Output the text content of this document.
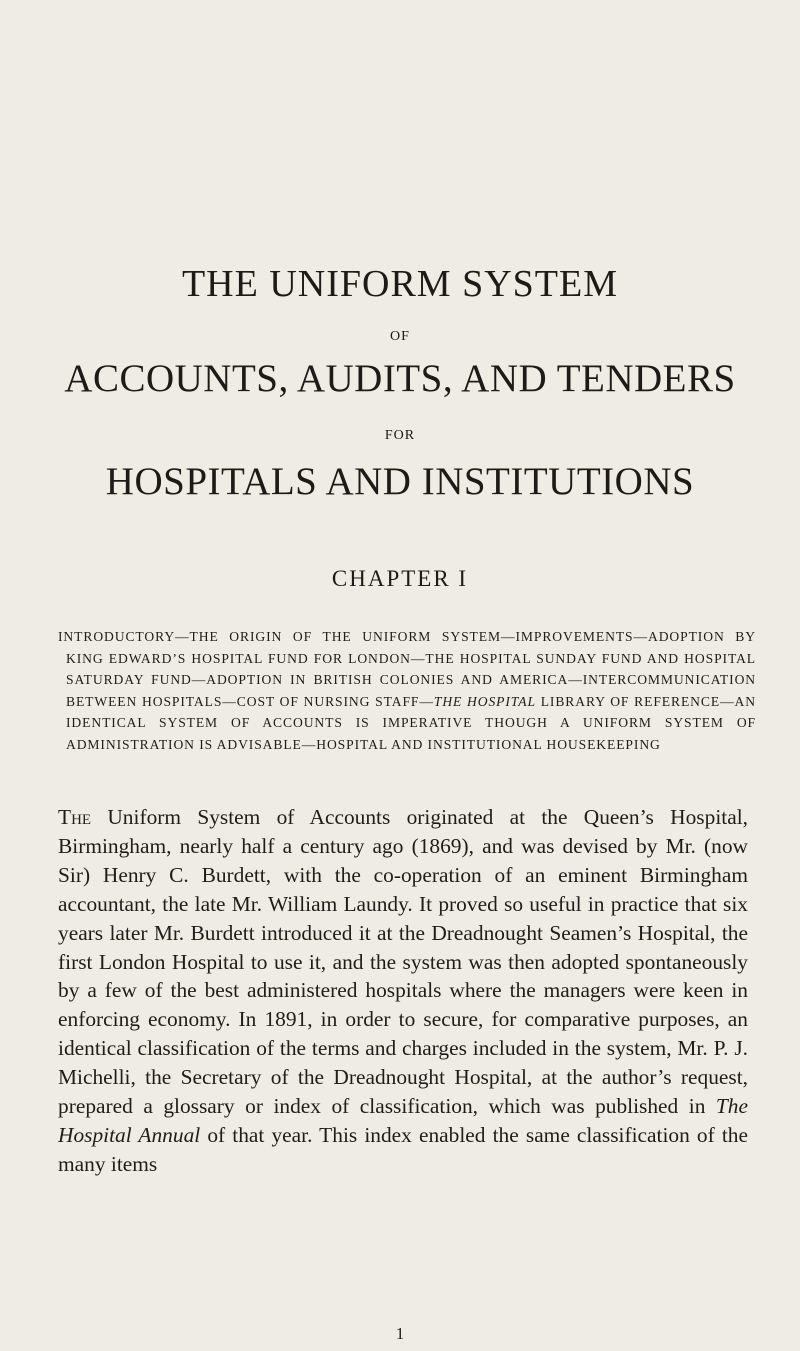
THE UNIFORM SYSTEM
OF
ACCOUNTS, AUDITS, AND TENDERS
FOR
HOSPITALS AND INSTITUTIONS
CHAPTER I
INTRODUCTORY—THE ORIGIN OF THE UNIFORM SYSTEM—IMPROVEMENTS—ADOPTION BY KING EDWARD’S HOSPITAL FUND FOR LONDON—THE HOSPITAL SUNDAY FUND AND HOSPITAL SATURDAY FUND—ADOPTION IN BRITISH COLONIES AND AMERICA—INTERCOMMUNICATION BETWEEN HOSPITALS—COST OF NURSING STAFF—THE HOSPITAL LIBRARY OF REFERENCE—AN IDENTICAL SYSTEM OF ACCOUNTS IS IMPERATIVE THOUGH A UNIFORM SYSTEM OF ADMINISTRATION IS ADVISABLE—HOSPITAL AND INSTITUTIONAL HOUSEKEEPING

The Uniform System of Accounts originated at the Queen’s Hospital, Birmingham, nearly half a century ago (1869), and was devised by Mr. (now Sir) Henry C. Burdett, with the co-operation of an eminent Birmingham accountant, the late Mr. William Laundy. It proved so useful in practice that six years later Mr. Burdett introduced it at the Dreadnought Seamen’s Hospital, the first London Hospital to use it, and the system was then adopted spontaneously by a few of the best administered hospitals where the managers were keen in enforcing economy. In 1891, in order to secure, for comparative purposes, an identical classification of the terms and charges included in the system, Mr. P. J. Michelli, the Secretary of the Dreadnought Hospital, at the author’s request, prepared a glossary or index of classification, which was published in The Hospital Annual of that year. This index enabled the same classification of the many items

1
